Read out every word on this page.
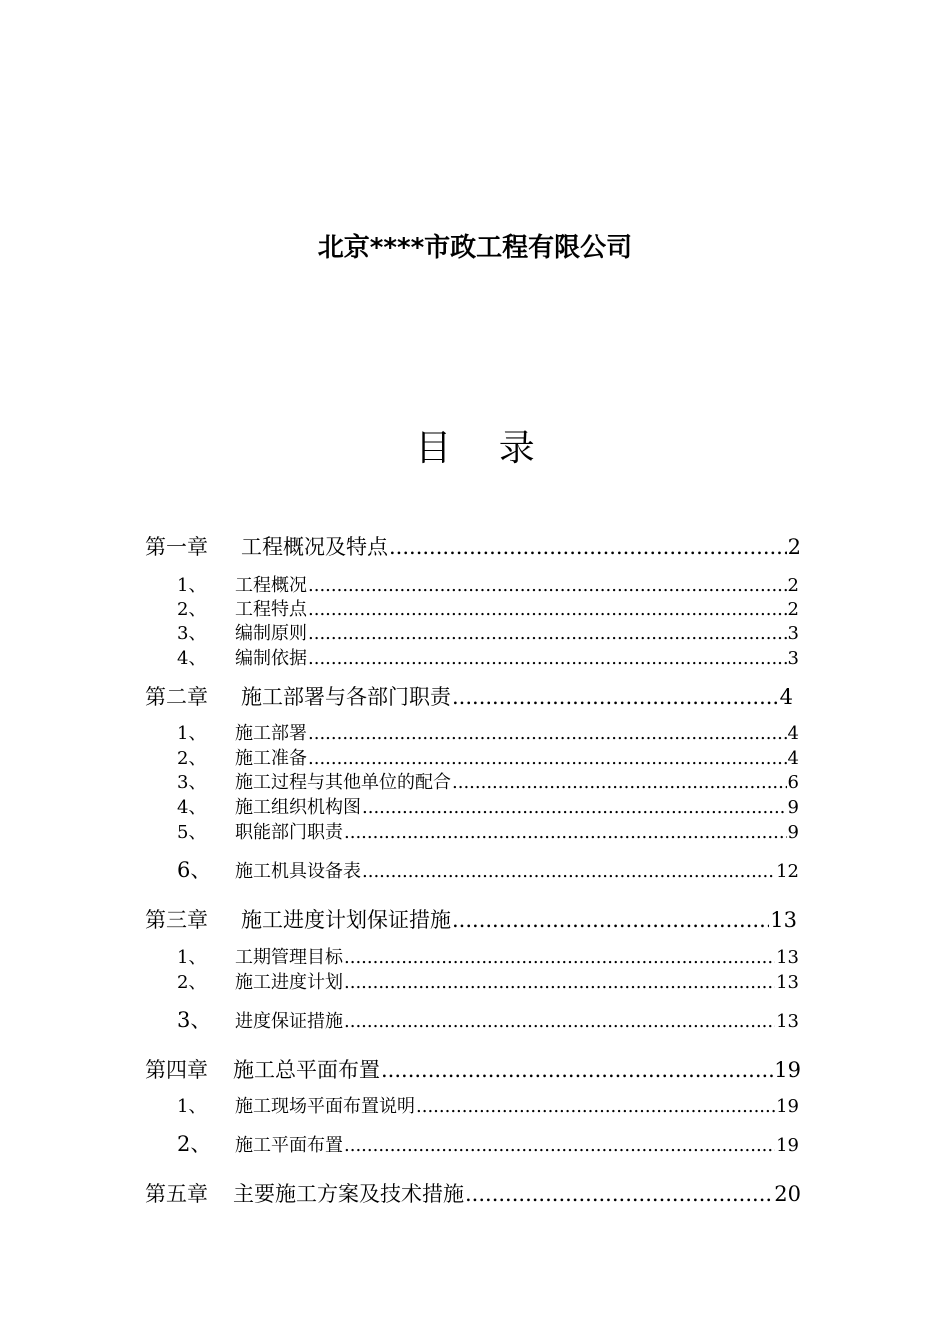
北京****市政工程有限公司
目 录
第一章	工程概况及特点 .....	2
1、	工程概况 .....	2
2、	工程特点 .....	2
3、	编制原则 .....	3
4、	编制依据 .....	3
第二章	施工部署与各部门职责 .....	4
1、	施工部署 .....	4
2、	施工准备 .....	4
3、	施工过程与其他单位的配合 .....	6
4、	施工组织机构图 .....	9
5、	职能部门职责 .....	9
6、	施工机具设备表 .....	12
第三章	施工进度计划保证措施 .....	13
1、	工期管理目标 .....	13
2、	施工进度计划 .....	13
3、	进度保证措施 .....	13
第四章	施工总平面布置 .....	19
1、	施工现场平面布置说明 .....	19
2、	施工平面布置 .....	19
第五章	主要施工方案及技术措施 .....	20
